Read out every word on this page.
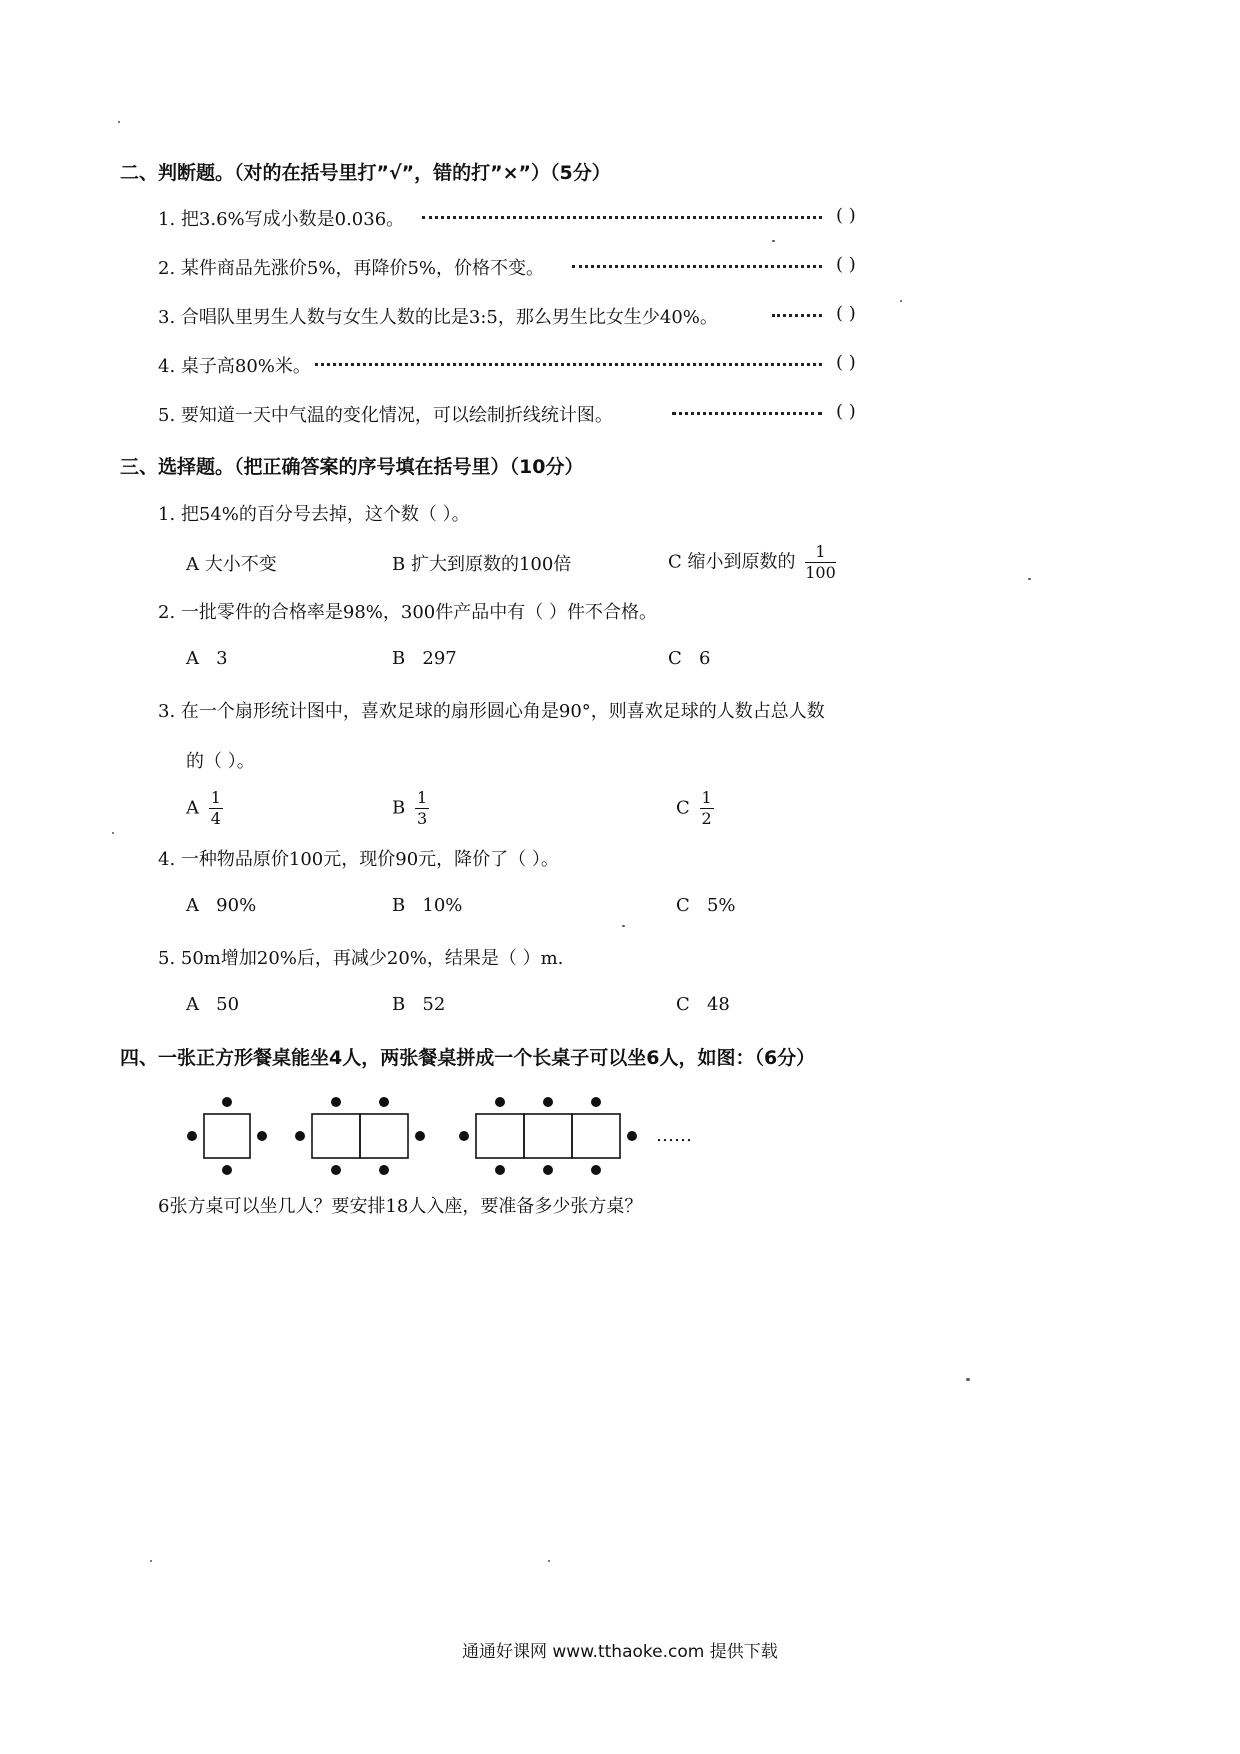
二、判断题。（对的在括号里打”√”，错的打”×”）（5分）
1. 把3.6%写成小数是0.036。	( )
2. 某件商品先涨价5%，再降价5%，价格不变。	( )
3. 合唱队里男生人数与女生人数的比是3:5，那么男生比女生少40%。	( )
4. 桌子高80%米。	( )
5. 要知道一天中气温的变化情况，可以绘制折线统计图。	( )
三、选择题。（把正确答案的序号填在括号里）（10分）
1. 把54%的百分号去掉，这个数（ ）。
A 大小不变	B 扩大到原数的100倍	C 缩小到原数的 $\frac{1}{100}$
2. 一批零件的合格率是98%，300件产品中有（ ）件不合格。
A 3	B 297	C 6
3. 在一个扇形统计图中，喜欢足球的扇形圆心角是90°，则喜欢足球的人数占总人数
的（ ）。
A $\frac{1}{4}$	B $\frac{1}{3}$	C $\frac{1}{2}$
4. 一种物品原价100元，现价90元，降价了（ ）。
A 90%	B 10%	C 5%
5. 50m增加20%后，再减少20%，结果是（ ）m.
A 50	B 52	C 48
四、一张正方形餐桌能坐4人，两张餐桌拼成一个长桌子可以坐6人，如图：（6分）
……
6张方桌可以坐几人？要安排18人入座，要准备多少张方桌？
通通好课网 www.tthaoke.com 提供下载
